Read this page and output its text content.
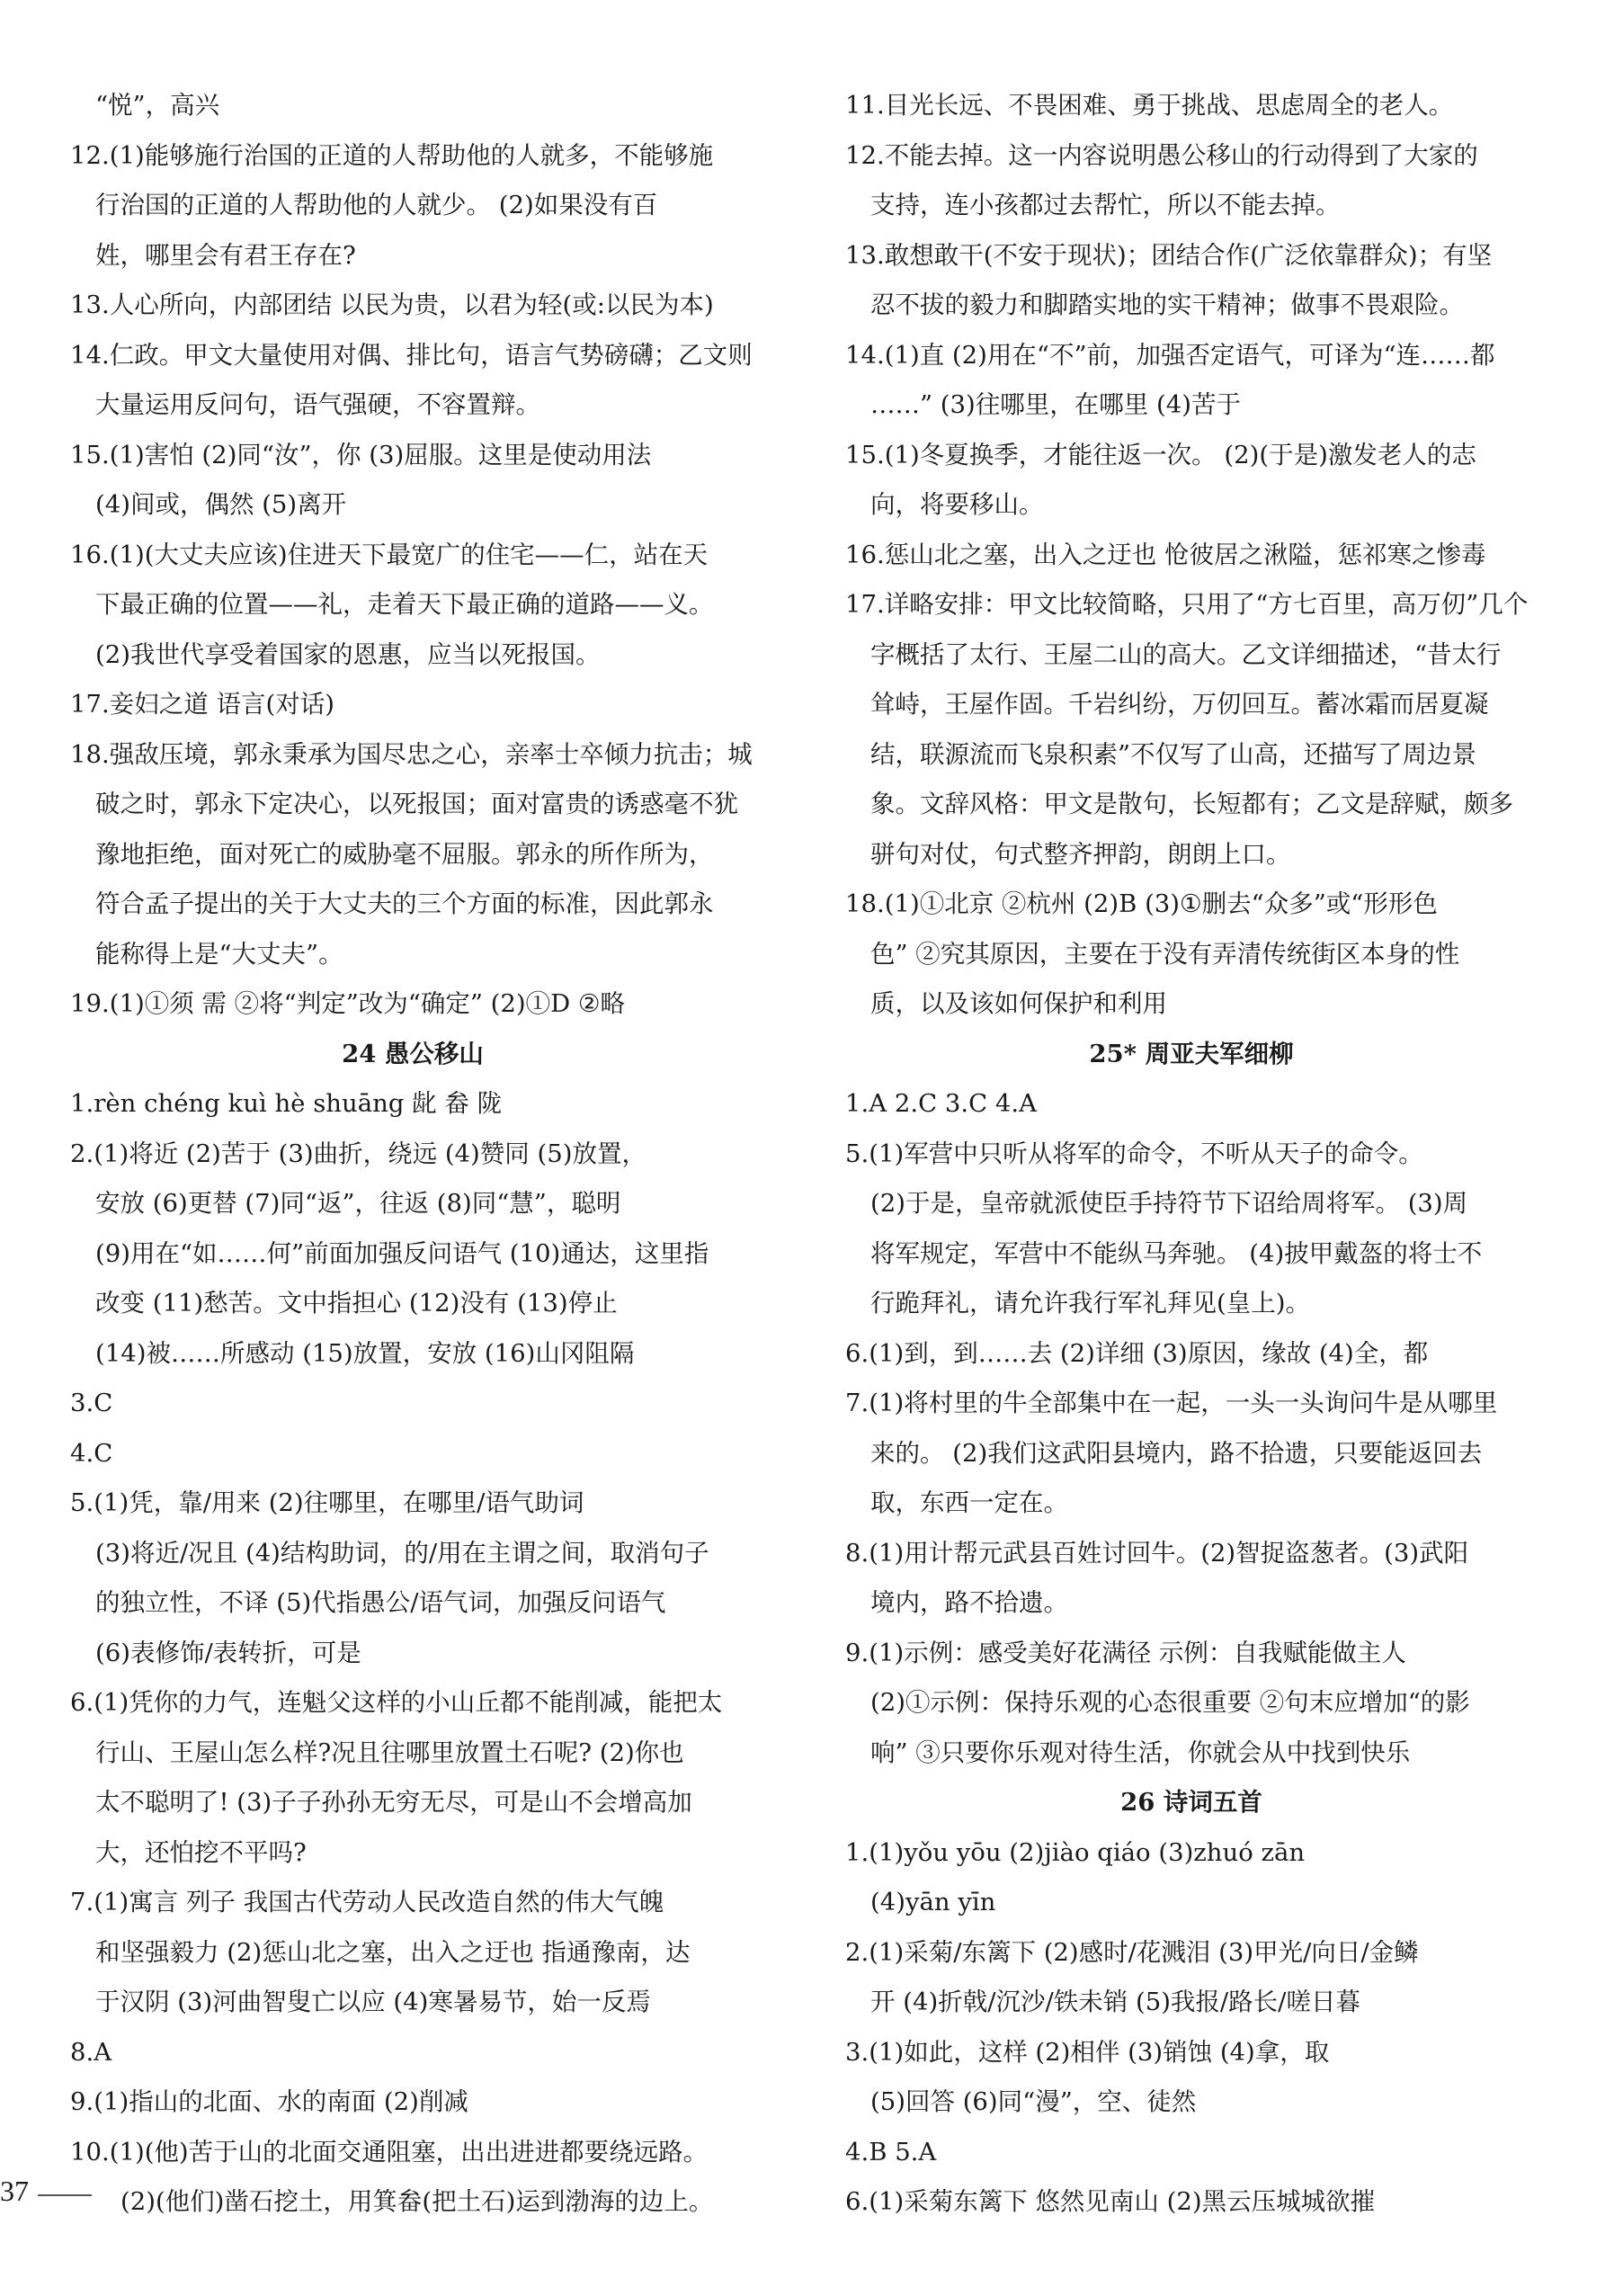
“悦”，高兴
12.(1)能够施行治国的正道的人帮助他的人就多，不能够施
行治国的正道的人帮助他的人就少。 (2)如果没有百
姓，哪里会有君王存在?
13.人心所向，内部团结 以民为贵，以君为轻(或:以民为本)
14.仁政。甲文大量使用对偶、排比句，语言气势磅礴；乙文则
大量运用反问句，语气强硬，不容置辩。
15.(1)害怕 (2)同“汝”，你 (3)屈服。这里是使动用法
(4)间或，偶然 (5)离开
16.(1)(大丈夫应该)住进天下最宽广的住宅——仁，站在天
下最正确的位置——礼，走着天下最正确的道路——义。
(2)我世代享受着国家的恩惠，应当以死报国。
17.妾妇之道 语言(对话)
18.强敌压境，郭永秉承为国尽忠之心，亲率士卒倾力抗击；城
破之时，郭永下定决心，以死报国；面对富贵的诱惑毫不犹
豫地拒绝，面对死亡的威胁毫不屈服。郭永的所作所为，
符合孟子提出的关于大丈夫的三个方面的标准，因此郭永
能称得上是“大丈夫”。
19.(1)①须 需 ②将“判定”改为“确定” (2)①D ②略
24 愚公移山
1.rèn chéng kuì hè shuāng 龀 畚 陇
2.(1)将近 (2)苦于 (3)曲折，绕远 (4)赞同 (5)放置，
安放 (6)更替 (7)同“返”，往返 (8)同“慧”，聪明
(9)用在“如……何”前面加强反问语气 (10)通达，这里指
改变 (11)愁苦。文中指担心 (12)没有 (13)停止
(14)被……所感动 (15)放置，安放 (16)山冈阻隔
3.C
4.C
5.(1)凭，靠/用来 (2)往哪里，在哪里/语气助词
(3)将近/况且 (4)结构助词，的/用在主谓之间，取消句子
的独立性，不译 (5)代指愚公/语气词，加强反问语气
(6)表修饰/表转折，可是
6.(1)凭你的力气，连魁父这样的小山丘都不能削减，能把太
行山、王屋山怎么样?况且往哪里放置土石呢? (2)你也
太不聪明了! (3)子子孙孙无穷无尽，可是山不会增高加
大，还怕挖不平吗?
7.(1)寓言 列子 我国古代劳动人民改造自然的伟大气魄
和坚强毅力 (2)惩山北之塞，出入之迂也 指通豫南，达
于汉阴 (3)河曲智叟亡以应 (4)寒暑易节，始一反焉
8.A
9.(1)指山的北面、水的南面 (2)削减
10.(1)(他)苦于山的北面交通阻塞，出出进进都要绕远路。
(2)(他们)凿石挖土，用箕畚(把土石)运到渤海的边上。
11.目光长远、不畏困难、勇于挑战、思虑周全的老人。
12.不能去掉。这一内容说明愚公移山的行动得到了大家的
支持，连小孩都过去帮忙，所以不能去掉。
13.敢想敢干(不安于现状)；团结合作(广泛依靠群众)；有坚
忍不拔的毅力和脚踏实地的实干精神；做事不畏艰险。
14.(1)直 (2)用在“不”前，加强否定语气，可译为“连……都
……” (3)往哪里，在哪里 (4)苦于
15.(1)冬夏换季，才能往返一次。 (2)(于是)激发老人的志
向，将要移山。
16.惩山北之塞，出入之迂也 怆彼居之湫隘，惩祁寒之惨毒
17.详略安排：甲文比较简略，只用了“方七百里，高万仞”几个
字概括了太行、王屋二山的高大。乙文详细描述，“昔太行
耸峙，王屋作固。千岩纠纷，万仞回互。蓄冰霜而居夏凝
结，联源流而飞泉积素”不仅写了山高，还描写了周边景
象。文辞风格：甲文是散句，长短都有；乙文是辞赋，颇多
骈句对仗，句式整齐押韵，朗朗上口。
18.(1)①北京 ②杭州 (2)B (3)①删去“众多”或“形形色
色” ②究其原因，主要在于没有弄清传统街区本身的性
质，以及该如何保护和利用
25* 周亚夫军细柳
1.A 2.C 3.C 4.A
5.(1)军营中只听从将军的命令，不听从天子的命令。
(2)于是，皇帝就派使臣手持符节下诏给周将军。 (3)周
将军规定，军营中不能纵马奔驰。 (4)披甲戴盔的将士不
行跪拜礼，请允许我行军礼拜见(皇上)。
6.(1)到，到……去 (2)详细 (3)原因，缘故 (4)全，都
7.(1)将村里的牛全部集中在一起，一头一头询问牛是从哪里
来的。 (2)我们这武阳县境内，路不拾遗，只要能返回去
取，东西一定在。
8.(1)用计帮元武县百姓讨回牛。(2)智捉盗葱者。(3)武阳
境内，路不拾遗。
9.(1)示例：感受美好花满径 示例：自我赋能做主人
(2)①示例：保持乐观的心态很重要 ②句末应增加“的影
响” ③只要你乐观对待生活，你就会从中找到快乐
26 诗词五首
1.(1)yǒu yōu (2)jiào qiáo (3)zhuó zān
(4)yān yīn
2.(1)采菊/东篱下 (2)感时/花溅泪 (3)甲光/向日/金鳞
开 (4)折戟/沉沙/铁未销 (5)我报/路长/嗟日暮
3.(1)如此，这样 (2)相伴 (3)销蚀 (4)拿，取
(5)回答 (6)同“漫”，空、徒然
4.B 5.A
6.(1)采菊东篱下 悠然见南山 (2)黑云压城城欲摧
37
